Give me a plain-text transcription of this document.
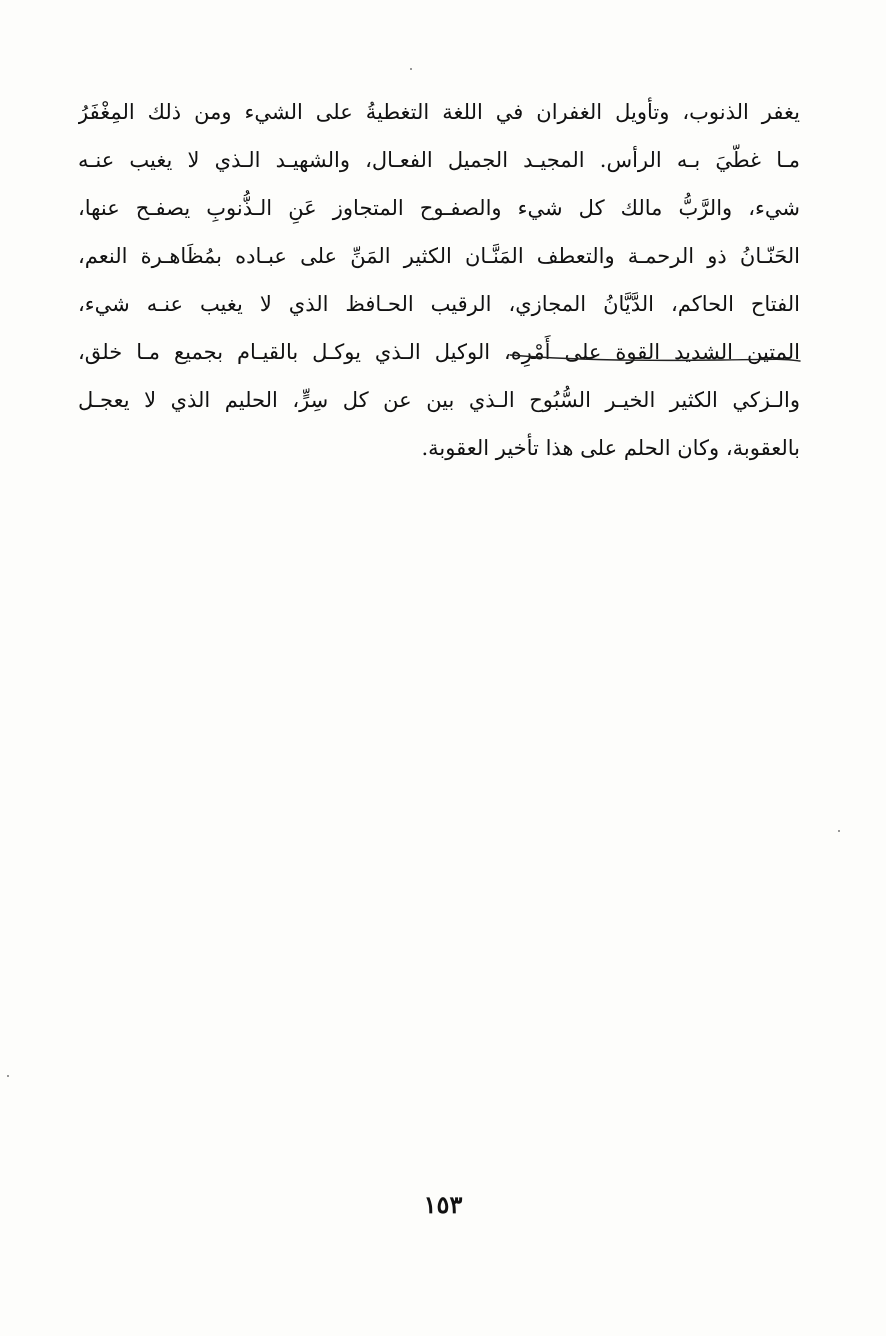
يغفر الذنوب، وتأويل الغفران في اللغة التغطيةُ على الشيء ومن ذلك المِغْفَرُ
مـا غطّيَ بـه الرأس. المجيـد الجميل الفعـال، والشهيـد الـذي لا يغيب عنـه
شيء، والرَّبُّ مالك كل شيء والصفـوح المتجاوز عَنِ الـذُّنوبِ يصفـح عنها،
الحَنّـانُ ذو الرحمـة والتعطف المَنَّـان الكثير المَنِّ على عبـاده بمُظَاهـرة النعم،
الفتاح الحاكم، الدَّيَّانُ المجازي، الرقيب الحـافظ الذي لا يغيب عنـه شيء،
المتين الشديد القوة على أَمْرِه، الوكيل الـذي يوكـل بالقيـام بجميع مـا خلق،
والـزكي الكثير الخيـر السُّبُوح الـذي بين عن كل سِرٍّ، الحليم الذي لا يعجـل
بالعقوبة، وكان الحلم على هذا تأخير العقوبة.
١٥٣
